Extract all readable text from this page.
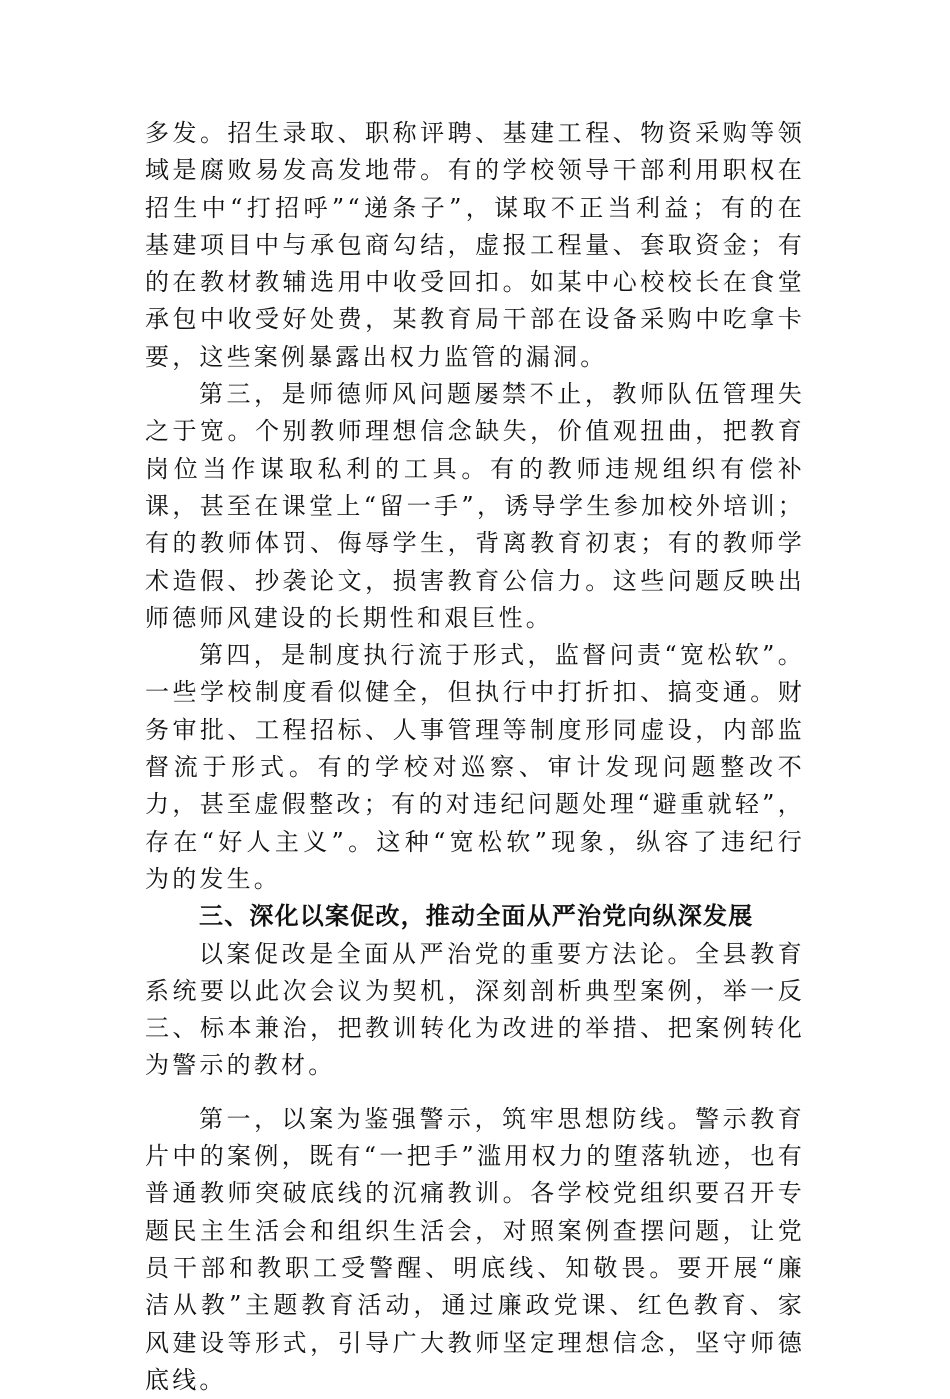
多发。招生录取、职称评聘、基建工程、物资采购等领域是腐败易发高发地带。有的学校领导干部利用职权在招生中“打招呼”“递条子”，谋取不正当利益；有的在基建项目中与承包商勾结，虚报工程量、套取资金；有的在教材教辅选用中收受回扣。如某中心校校长在食堂承包中收受好处费，某教育局干部在设备采购中吃拿卡要，这些案例暴露出权力监管的漏洞。

第三，是师德师风问题屡禁不止，教师队伍管理失之于宽。个别教师理想信念缺失，价值观扭曲，把教育岗位当作谋取私利的工具。有的教师违规组织有偿补课，甚至在课堂上“留一手”，诱导学生参加校外培训；有的教师体罚、侮辱学生，背离教育初衷；有的教师学术造假、抄袭论文，损害教育公信力。这些问题反映出师德师风建设的长期性和艰巨性。

第四，是制度执行流于形式，监督问责“宽松软”。一些学校制度看似健全，但执行中打折扣、搞变通。财务审批、工程招标、人事管理等制度形同虚设，内部监督流于形式。有的学校对巡察、审计发现问题整改不力，甚至虚假整改；有的对违纪问题处理“避重就轻”，存在“好人主义”。这种“宽松软”现象，纵容了违纪行为的发生。

三、深化以案促改，推动全面从严治党向纵深发展

以案促改是全面从严治党的重要方法论。全县教育系统要以此次会议为契机，深刻剖析典型案例，举一反三、标本兼治，把教训转化为改进的举措、把案例转化为警示的教材。

第一，以案为鉴强警示，筑牢思想防线。警示教育片中的案例，既有“一把手”滥用权力的堕落轨迹，也有普通教师突破底线的沉痛教训。各学校党组织要召开专题民主生活会和组织生活会，对照案例查摆问题，让党员干部和教职工受警醒、明底线、知敬畏。要开展“廉洁从教”主题教育活动，通过廉政党课、红色教育、家风建设等形式，引导广大教师坚定理想信念，坚守师德底线。
